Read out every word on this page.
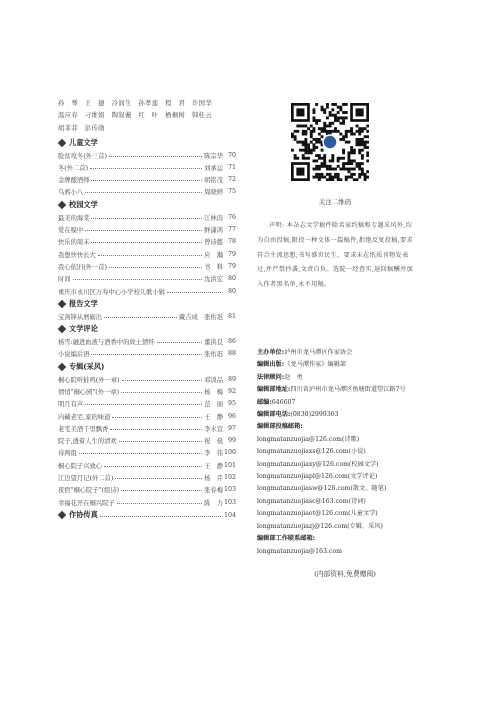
孙　琴　王　捷　冷润生　孙孝莲　程　君　许国华
温应春　刁维娟　陶叙蘅　红　叶　栖桐树　韩桂云
胡菲菲　彭传勋
儿童文学
脸贫攻冬(外三首)	陈宗华 70
冬(外二首)	刘承运 71
金牌酿酒师	胡铭茂 72
乌鸦小八	周晓婷 75
校园文学
最美的海棠	江林茵 76
爱在模中	鲜潇鸿 77
快乐的周末	曾诗懿 78
我想快快长大	应　瀚 79
我心依旧(外一首)	书　科 79
时间	沈洪宏 80
重庆市永川区万寿中心小学校儿歌小辑	80
报告文学
宝剑锋从磨砺出	戴吉成　张佑迟 81
文学评论
杨雪:融进血液与酒香中的故土情怀	董洪良 86
小说编后语	张佑迟 88
专辑(采风)
桐心院听蛙鸣(外一章)	邓训品 89
情悄"桐心园"(外一章)	杨　梅 92
明月有声	范　丽 95
内藏老宅,家的味道	王　静 96
老宅美酒千里飘香	李水宣 97
院子,透着人生的清欢	祝　燊 99
诗两组	李　伟 100
桐心院子兴致心	王　静 101
江边望月记(外二首)	杨　芹 102
夜宿"桐心院子"(组诗)	张春梅 103
幸福花开在桐兴院子	陈　力 103
作协传真	104
关注二维码
声明: 本杂志文学稿件除名家约稿和专题采风外,均为自由投稿,限投一种文体一篇稿件,拒绝反复投稿,要求符合主流思想,书写盛世民生。要求未在纸质刊物发表过,并严禁抄袭,文责自负。选院一经查实,退回稿酬并加入作者黑名单,永不用稿。
主办单位:泸州市龙马潭区作家协会
编辑出版:《龙马潭作家》编辑部
法律顾问:赵　勇
编辑部地址:四川省泸州市龙马潭区鱼塘街道望江路7号
邮编:646607
编辑部电话:(0830)2999363
编辑部投稿邮箱:
longmatanzuojia@126.com(诗歌)
longmatanzuojiaxs@126.com(小说)
longmatanzuojiaxy@126.com(校园文学)
longmatanzuojiapl@126.com(文学评论)
longmatanzuojiasw@126.com(散文、随笔)
longmatanzuojiasc@163.com(诗词)
longmatanzuojiaet@126.com(儿童文学)
longmatanzuojiazj@126.com(专辑、采风)
编辑部工作联系邮箱:
longmatanzuojia@163.com
(内部资料,免费赠阅)
